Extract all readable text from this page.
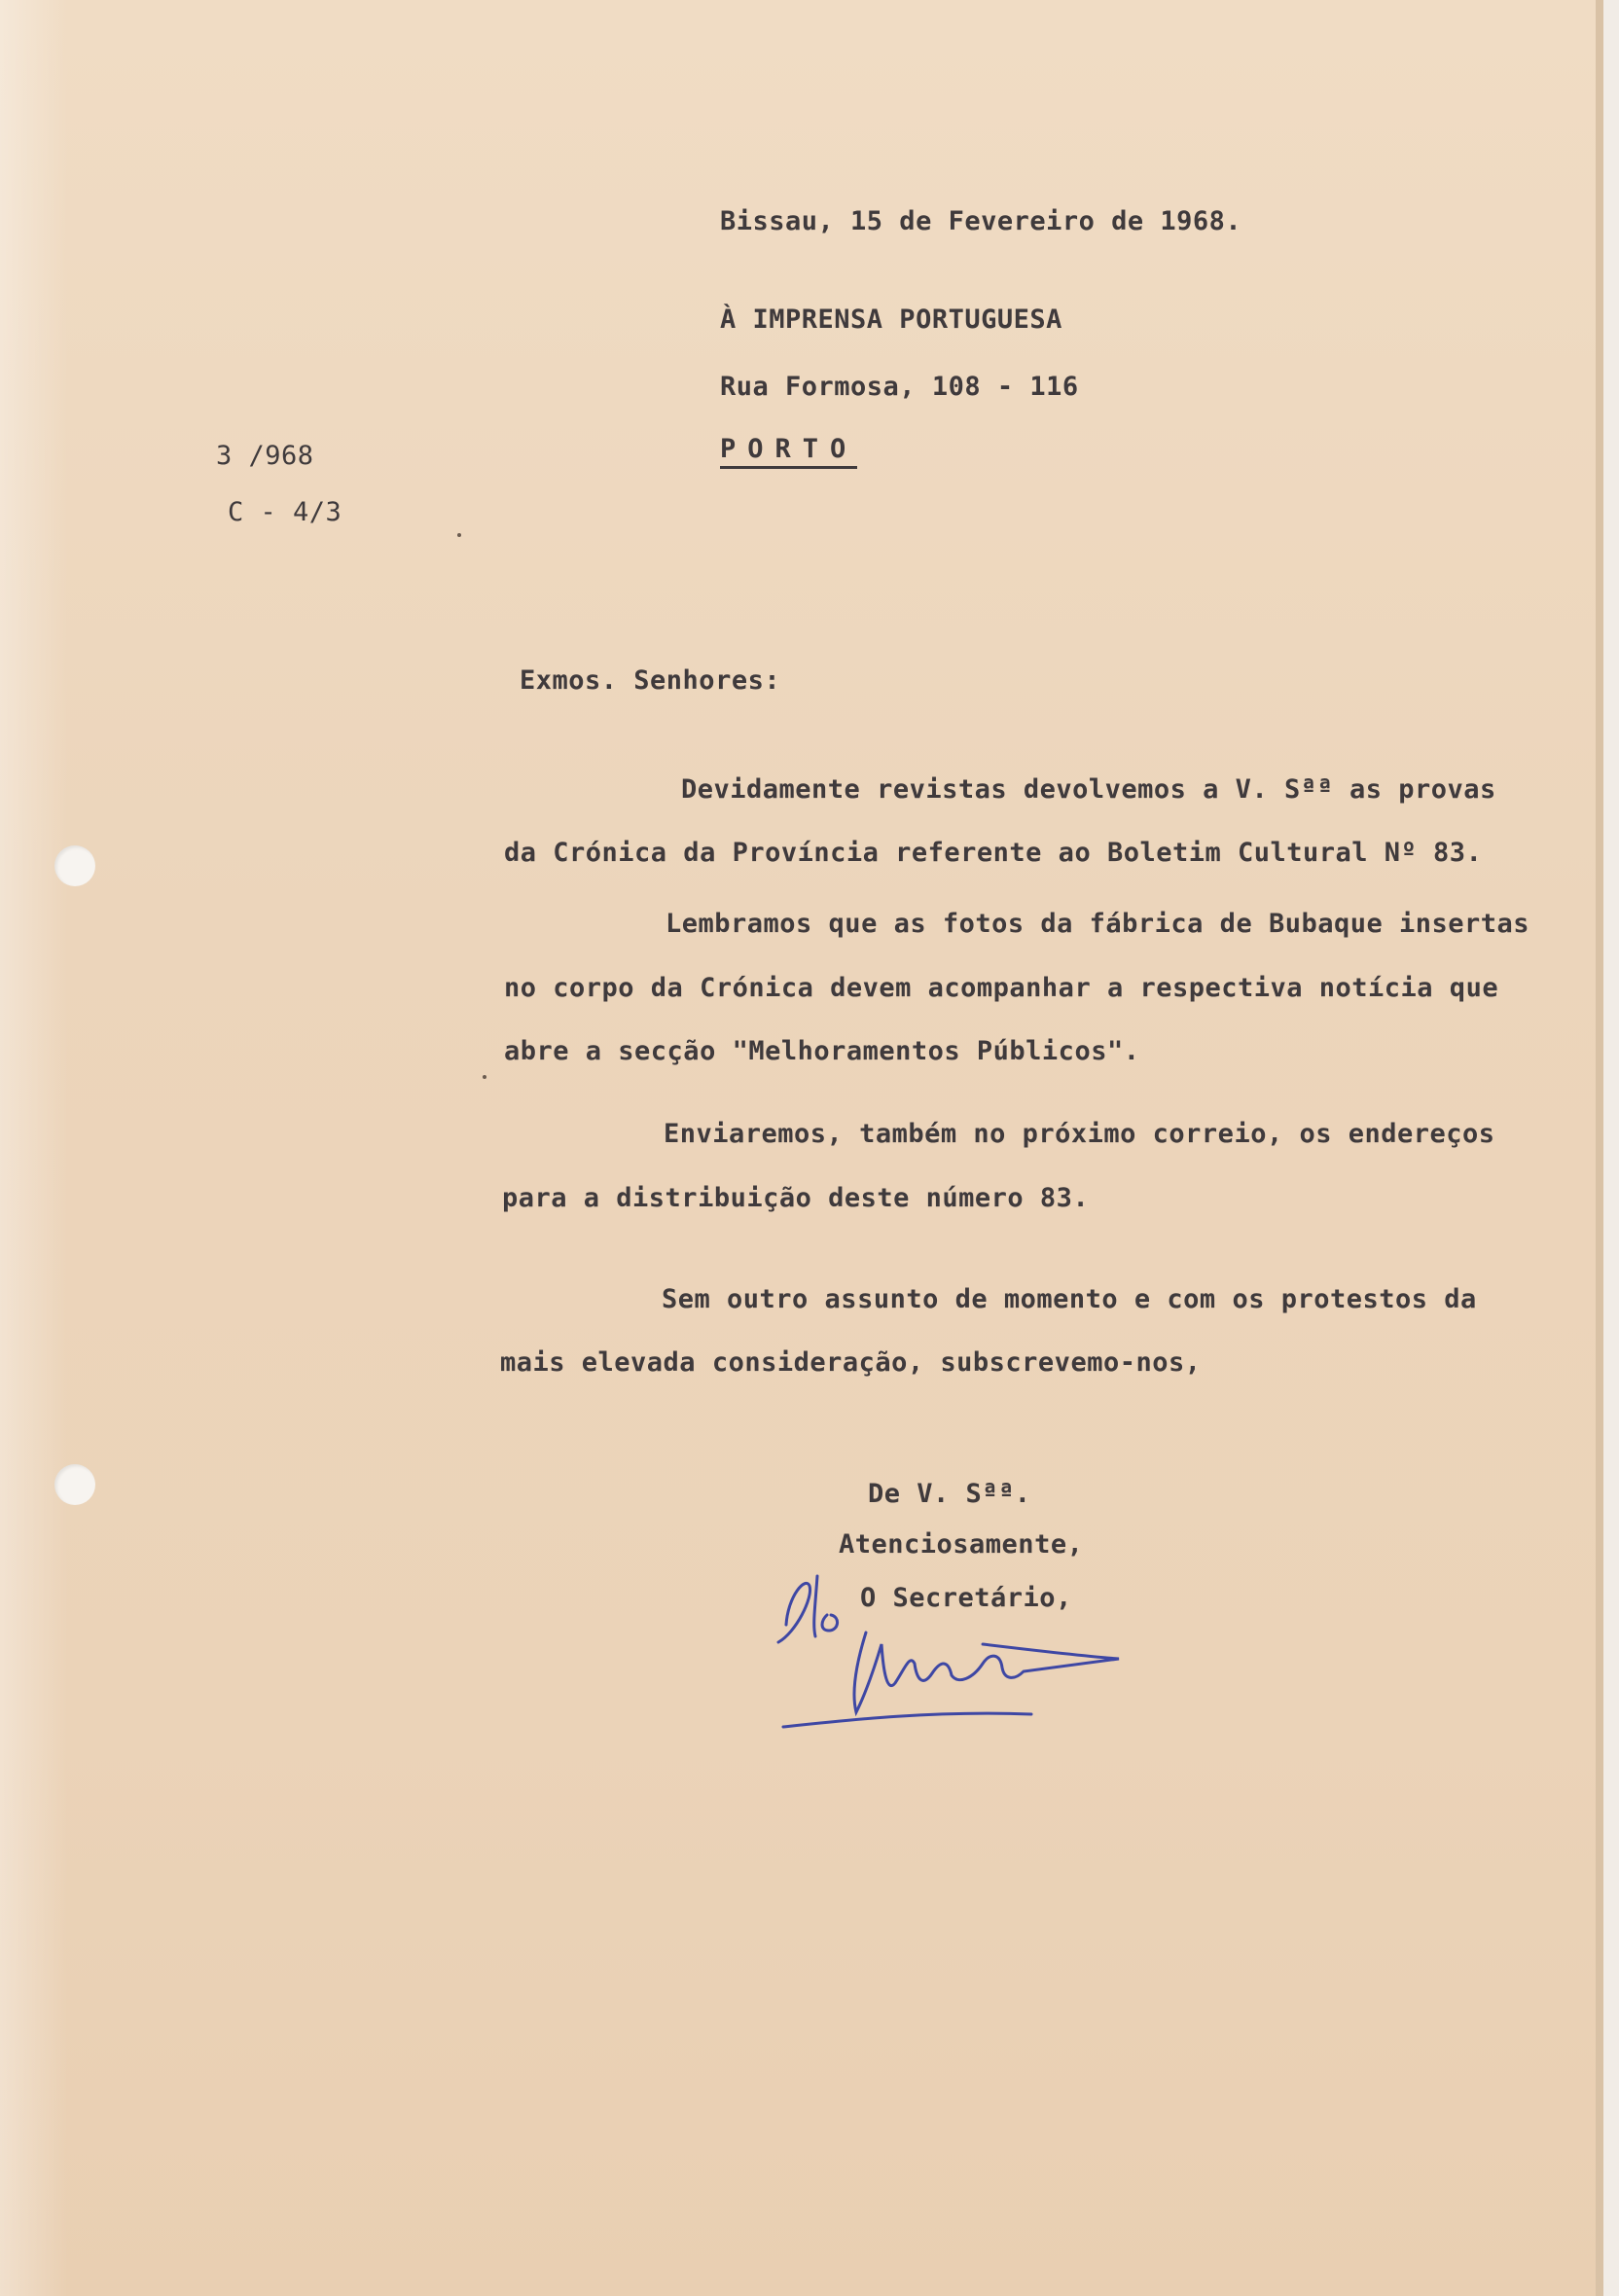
Bissau, 15 de Fevereiro de 1968.
À IMPRENSA PORTUGUESA
Rua Formosa, 108 - 116
PORTO
3 /968
C - 4/3
Exmos. Senhores:
Devidamente revistas devolvemos a V. Sªª as provas
da Crónica da Província referente ao Boletim Cultural Nº 83.
Lembramos que as fotos da fábrica de Bubaque insertas
no corpo da Crónica devem acompanhar a respectiva notícia que
abre a secção "Melhoramentos Públicos".
Enviaremos, também no próximo correio, os endereços
para a distribuição deste número 83.
Sem outro assunto de momento e com os protestos da
mais elevada consideração, subscrevemo-nos,
De V. Sªª.
Atenciosamente,
O Secretário,
